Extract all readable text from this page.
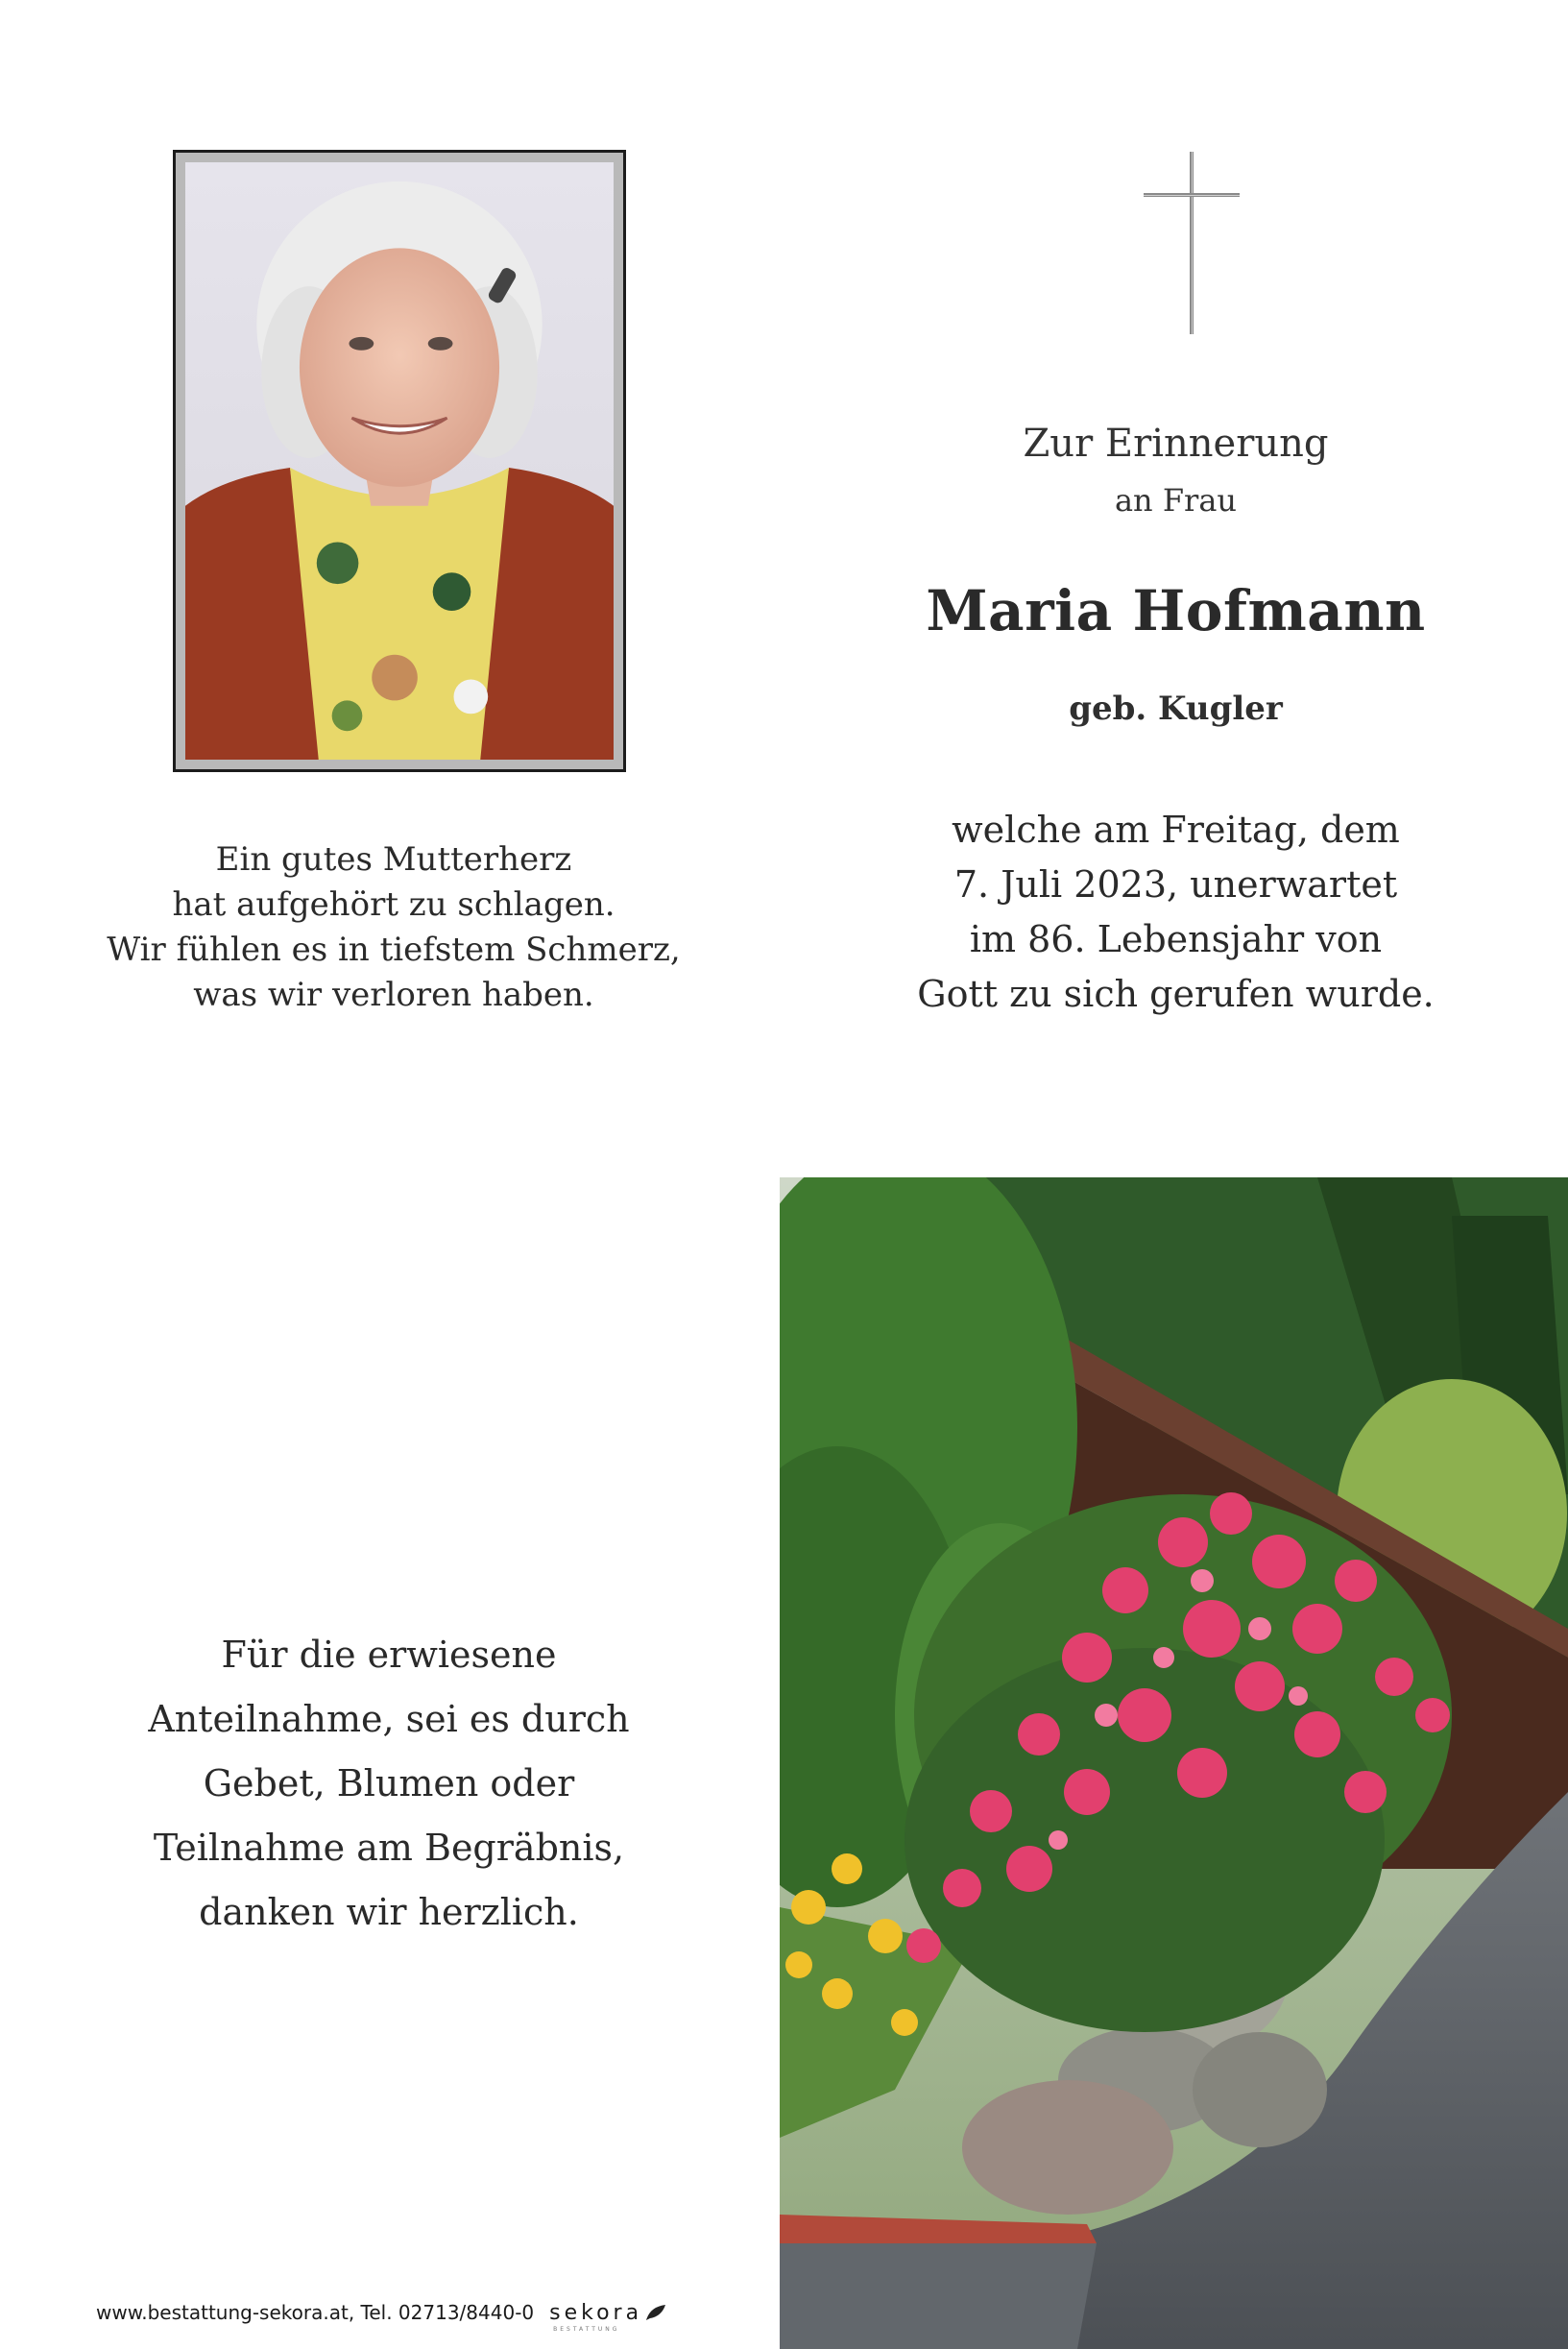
Ein gutes Mutterherz
hat aufgehört zu schlagen.
Wir fühlen es in tiefstem Schmerz,
was wir verloren haben.
Zur Erinnerung
an Frau
Maria Hofmann
geb. Kugler
welche am Freitag, dem
7. Juli 2023, unerwartet
im 86. Lebensjahr von
Gott zu sich gerufen wurde.
Für die erwiesene
Anteilnahme, sei es durch
Gebet, Blumen oder
Teilnahme am Begräbnis,
danken wir herzlich.
www.bestattung-sekora.at, Tel. 02713/8440-0 sekora
BESTATTUNG
